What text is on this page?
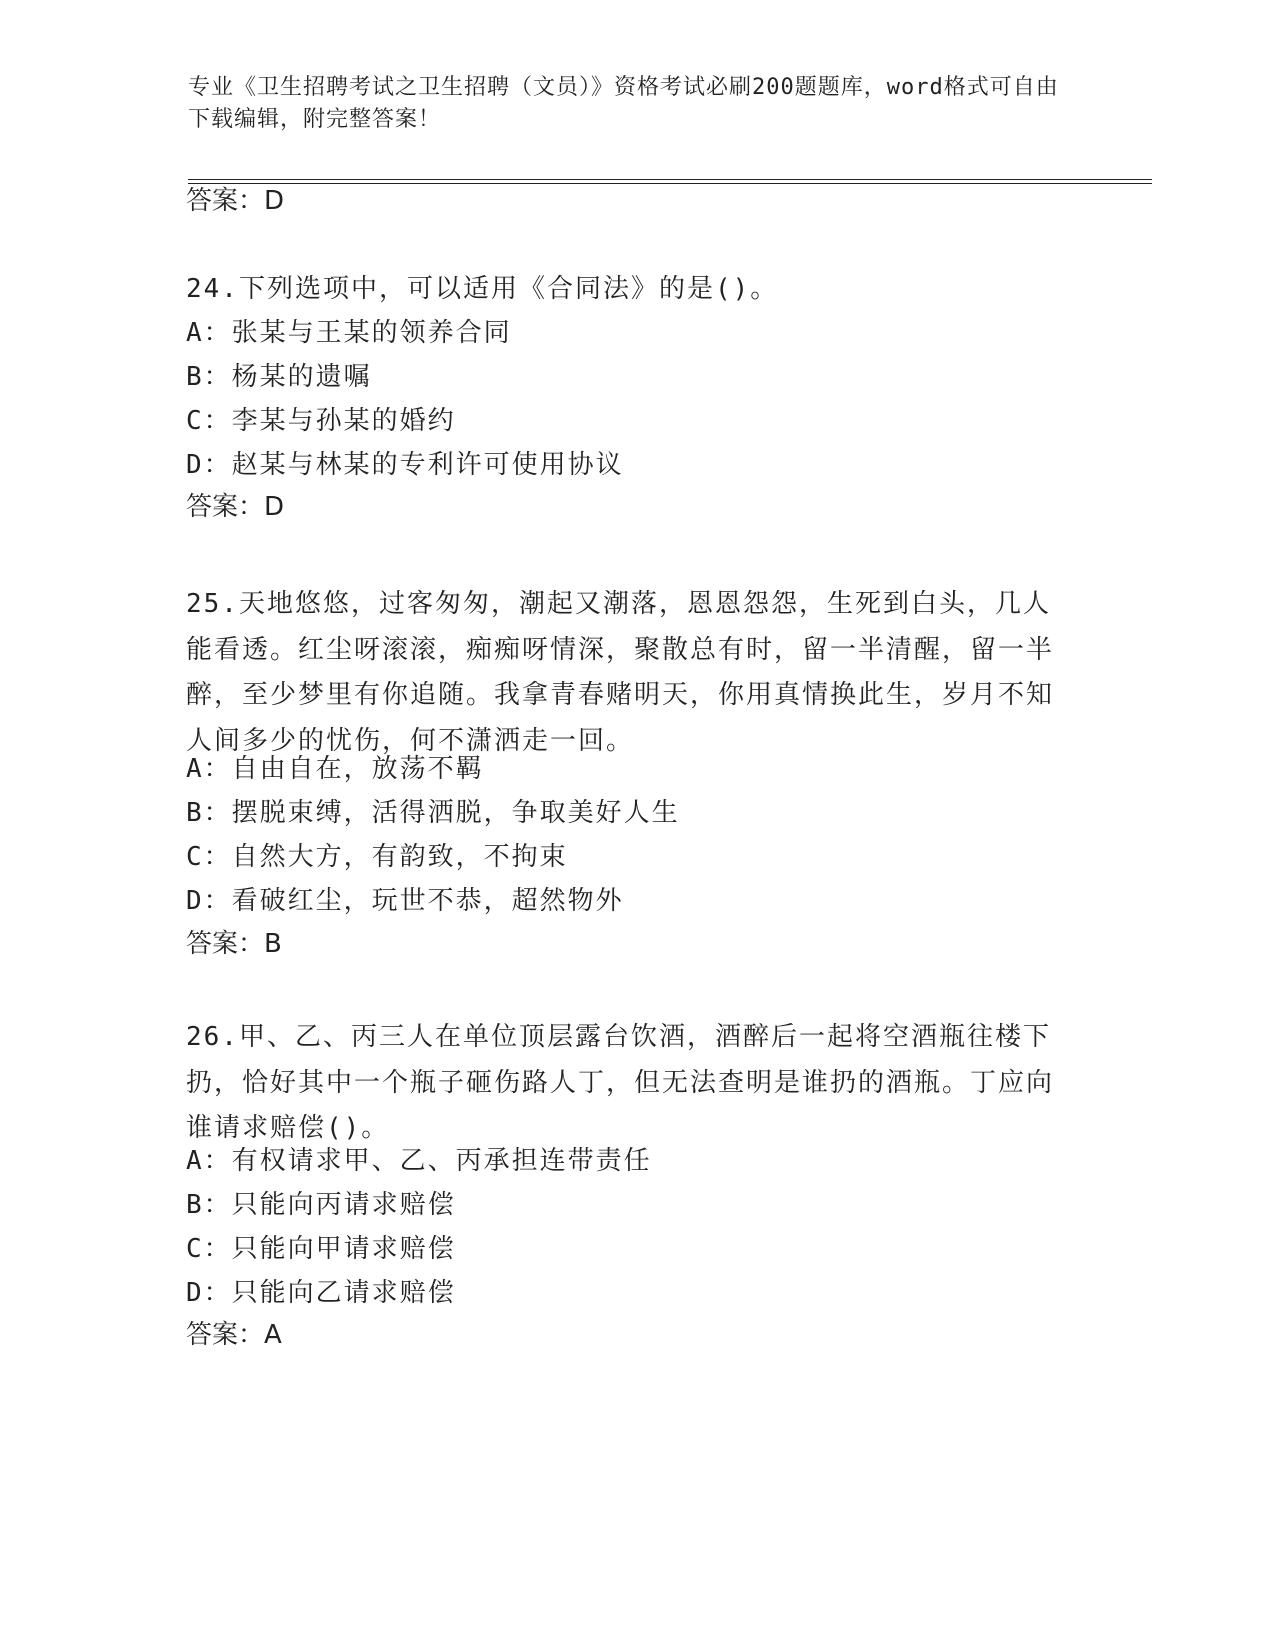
专业《卫生招聘考试之卫生招聘（文员）》资格考试必刷200题题库，word格式可自由下载编辑，附完整答案！
答案：D
24.下列选项中，可以适用《合同法》的是()。
A：张某与王某的领养合同
B：杨某的遗嘱
C：李某与孙某的婚约
D：赵某与林某的专利许可使用协议
答案：D
25.天地悠悠，过客匆匆，潮起又潮落，恩恩怨怨，生死到白头，几人能看透。红尘呀滚滚，痴痴呀情深，聚散总有时，留一半清醒，留一半醉，至少梦里有你追随。我拿青春赌明天，你用真情换此生，岁月不知人间多少的忧伤，何不潇洒走一回。
A：自由自在，放荡不羁
B：摆脱束缚，活得洒脱，争取美好人生
C：自然大方，有韵致，不拘束
D：看破红尘，玩世不恭，超然物外
答案：B
26.甲、乙、丙三人在单位顶层露台饮酒，酒醉后一起将空酒瓶往楼下扔，恰好其中一个瓶子砸伤路人丁，但无法查明是谁扔的酒瓶。丁应向谁请求赔偿()。
A：有权请求甲、乙、丙承担连带责任
B：只能向丙请求赔偿
C：只能向甲请求赔偿
D：只能向乙请求赔偿
答案：A
